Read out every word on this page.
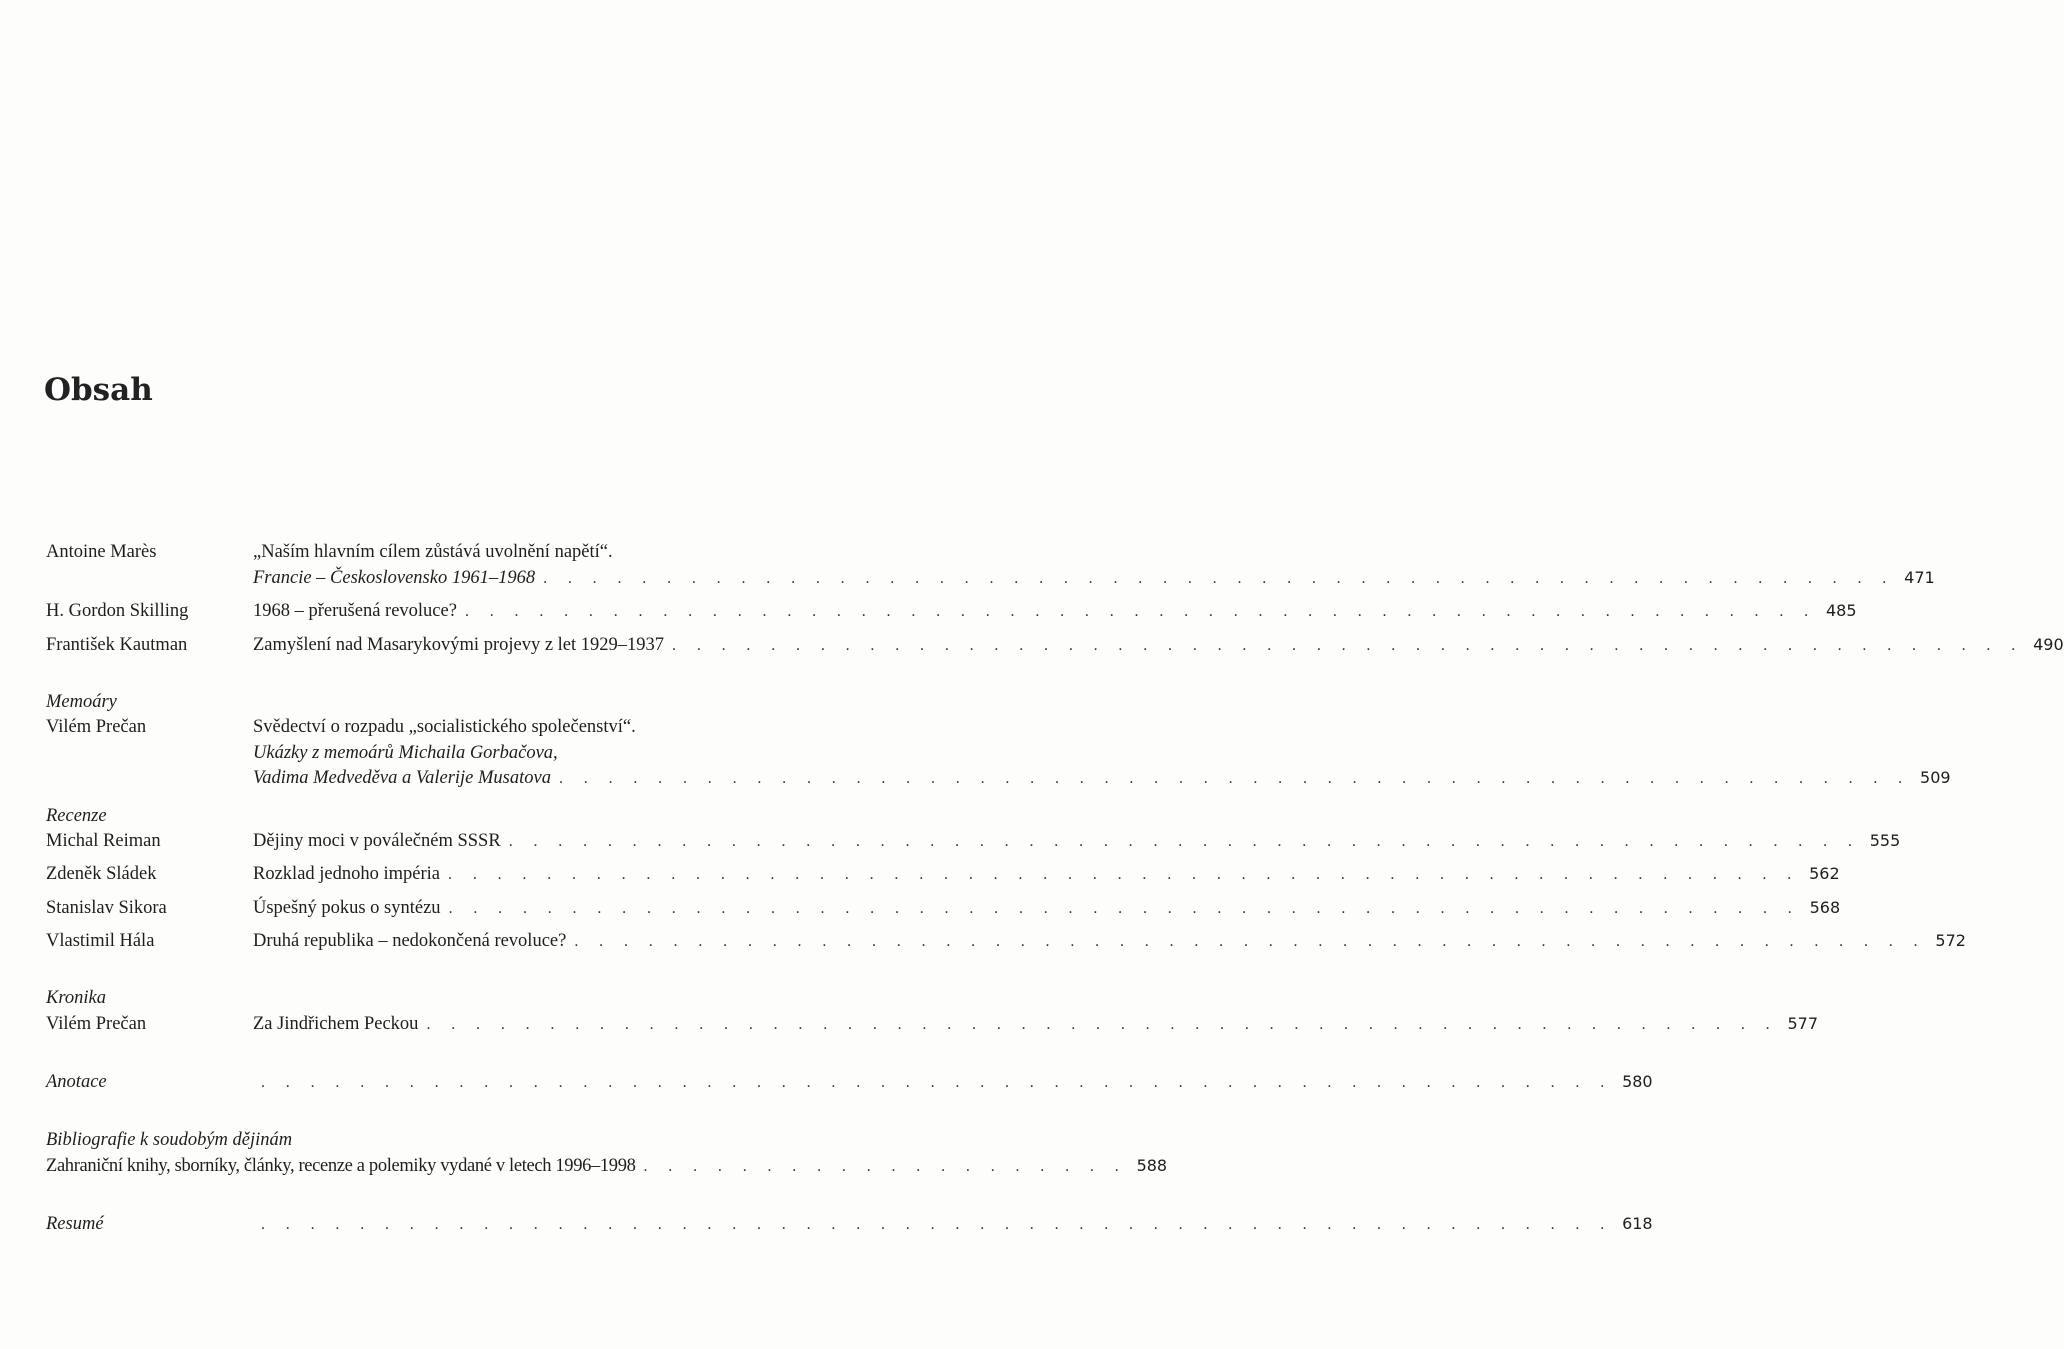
Obsah
Antoine Marès	„Naším hlavním cílem zůstává uvolnění napětí“.
Francie – Československo 1961–1968 . . . . . . . . . . . . . . . . . . . . . . . . . . . . . . . . . . . . . . . . . . . . . . . . . . . . . . . 471
H. Gordon Skilling	1968 – přerušená revoluce? . . . . . . . . . . . . . . . . . . . . . . . . . . . . . . . . . . . . . . . . . . . . . . . . . . . . . . . 485
František Kautman	Zamyšlení nad Masarykovými projevy z let 1929–1937 . . . . . . . . . . . . . . . . . . . . . . . . . . . . . . . . . . . . . . . . . . . . . . . . . . . . . . . 490
Memoáry
Vilém Prečan	Svědectví o rozpadu „socialistického společenství“.
Ukázky z memoárů Michaila Gorbačova,
Vadima Medveděva a Valerije Musatova . . . . . . . . . . . . . . . . . . . . . . . . . . . . . . . . . . . . . . . . . . . . . . . . . . . . . . . 509
Recenze
Michal Reiman	Dějiny moci v poválečném SSSR . . . . . . . . . . . . . . . . . . . . . . . . . . . . . . . . . . . . . . . . . . . . . . . . . . . . . . . 555
Zdeněk Sládek	Rozklad jednoho impéria . . . . . . . . . . . . . . . . . . . . . . . . . . . . . . . . . . . . . . . . . . . . . . . . . . . . . . . 562
Stanislav Sikora	Úspešný pokus o syntézu . . . . . . . . . . . . . . . . . . . . . . . . . . . . . . . . . . . . . . . . . . . . . . . . . . . . . . . 568
Vlastimil Hála	Druhá republika – nedokončená revoluce? . . . . . . . . . . . . . . . . . . . . . . . . . . . . . . . . . . . . . . . . . . . . . . . . . . . . . . . 572
Kronika
Vilém Prečan	Za Jindřichem Peckou . . . . . . . . . . . . . . . . . . . . . . . . . . . . . . . . . . . . . . . . . . . . . . . . . . . . . . . 577
Anotace	. . . . . . . . . . . . . . . . . . . . . . . . . . . . . . . . . . . . . . . . . . . . . . . . . . . . . . . 580
Bibliografie k soudobým dějinám
Zahraniční knihy, sborníky, články, recenze a polemiky vydané v letech 1996–1998 . . . . . . . . . . . . . . . . . . . . 588
Resumé	. . . . . . . . . . . . . . . . . . . . . . . . . . . . . . . . . . . . . . . . . . . . . . . . . . . . . . . 618
